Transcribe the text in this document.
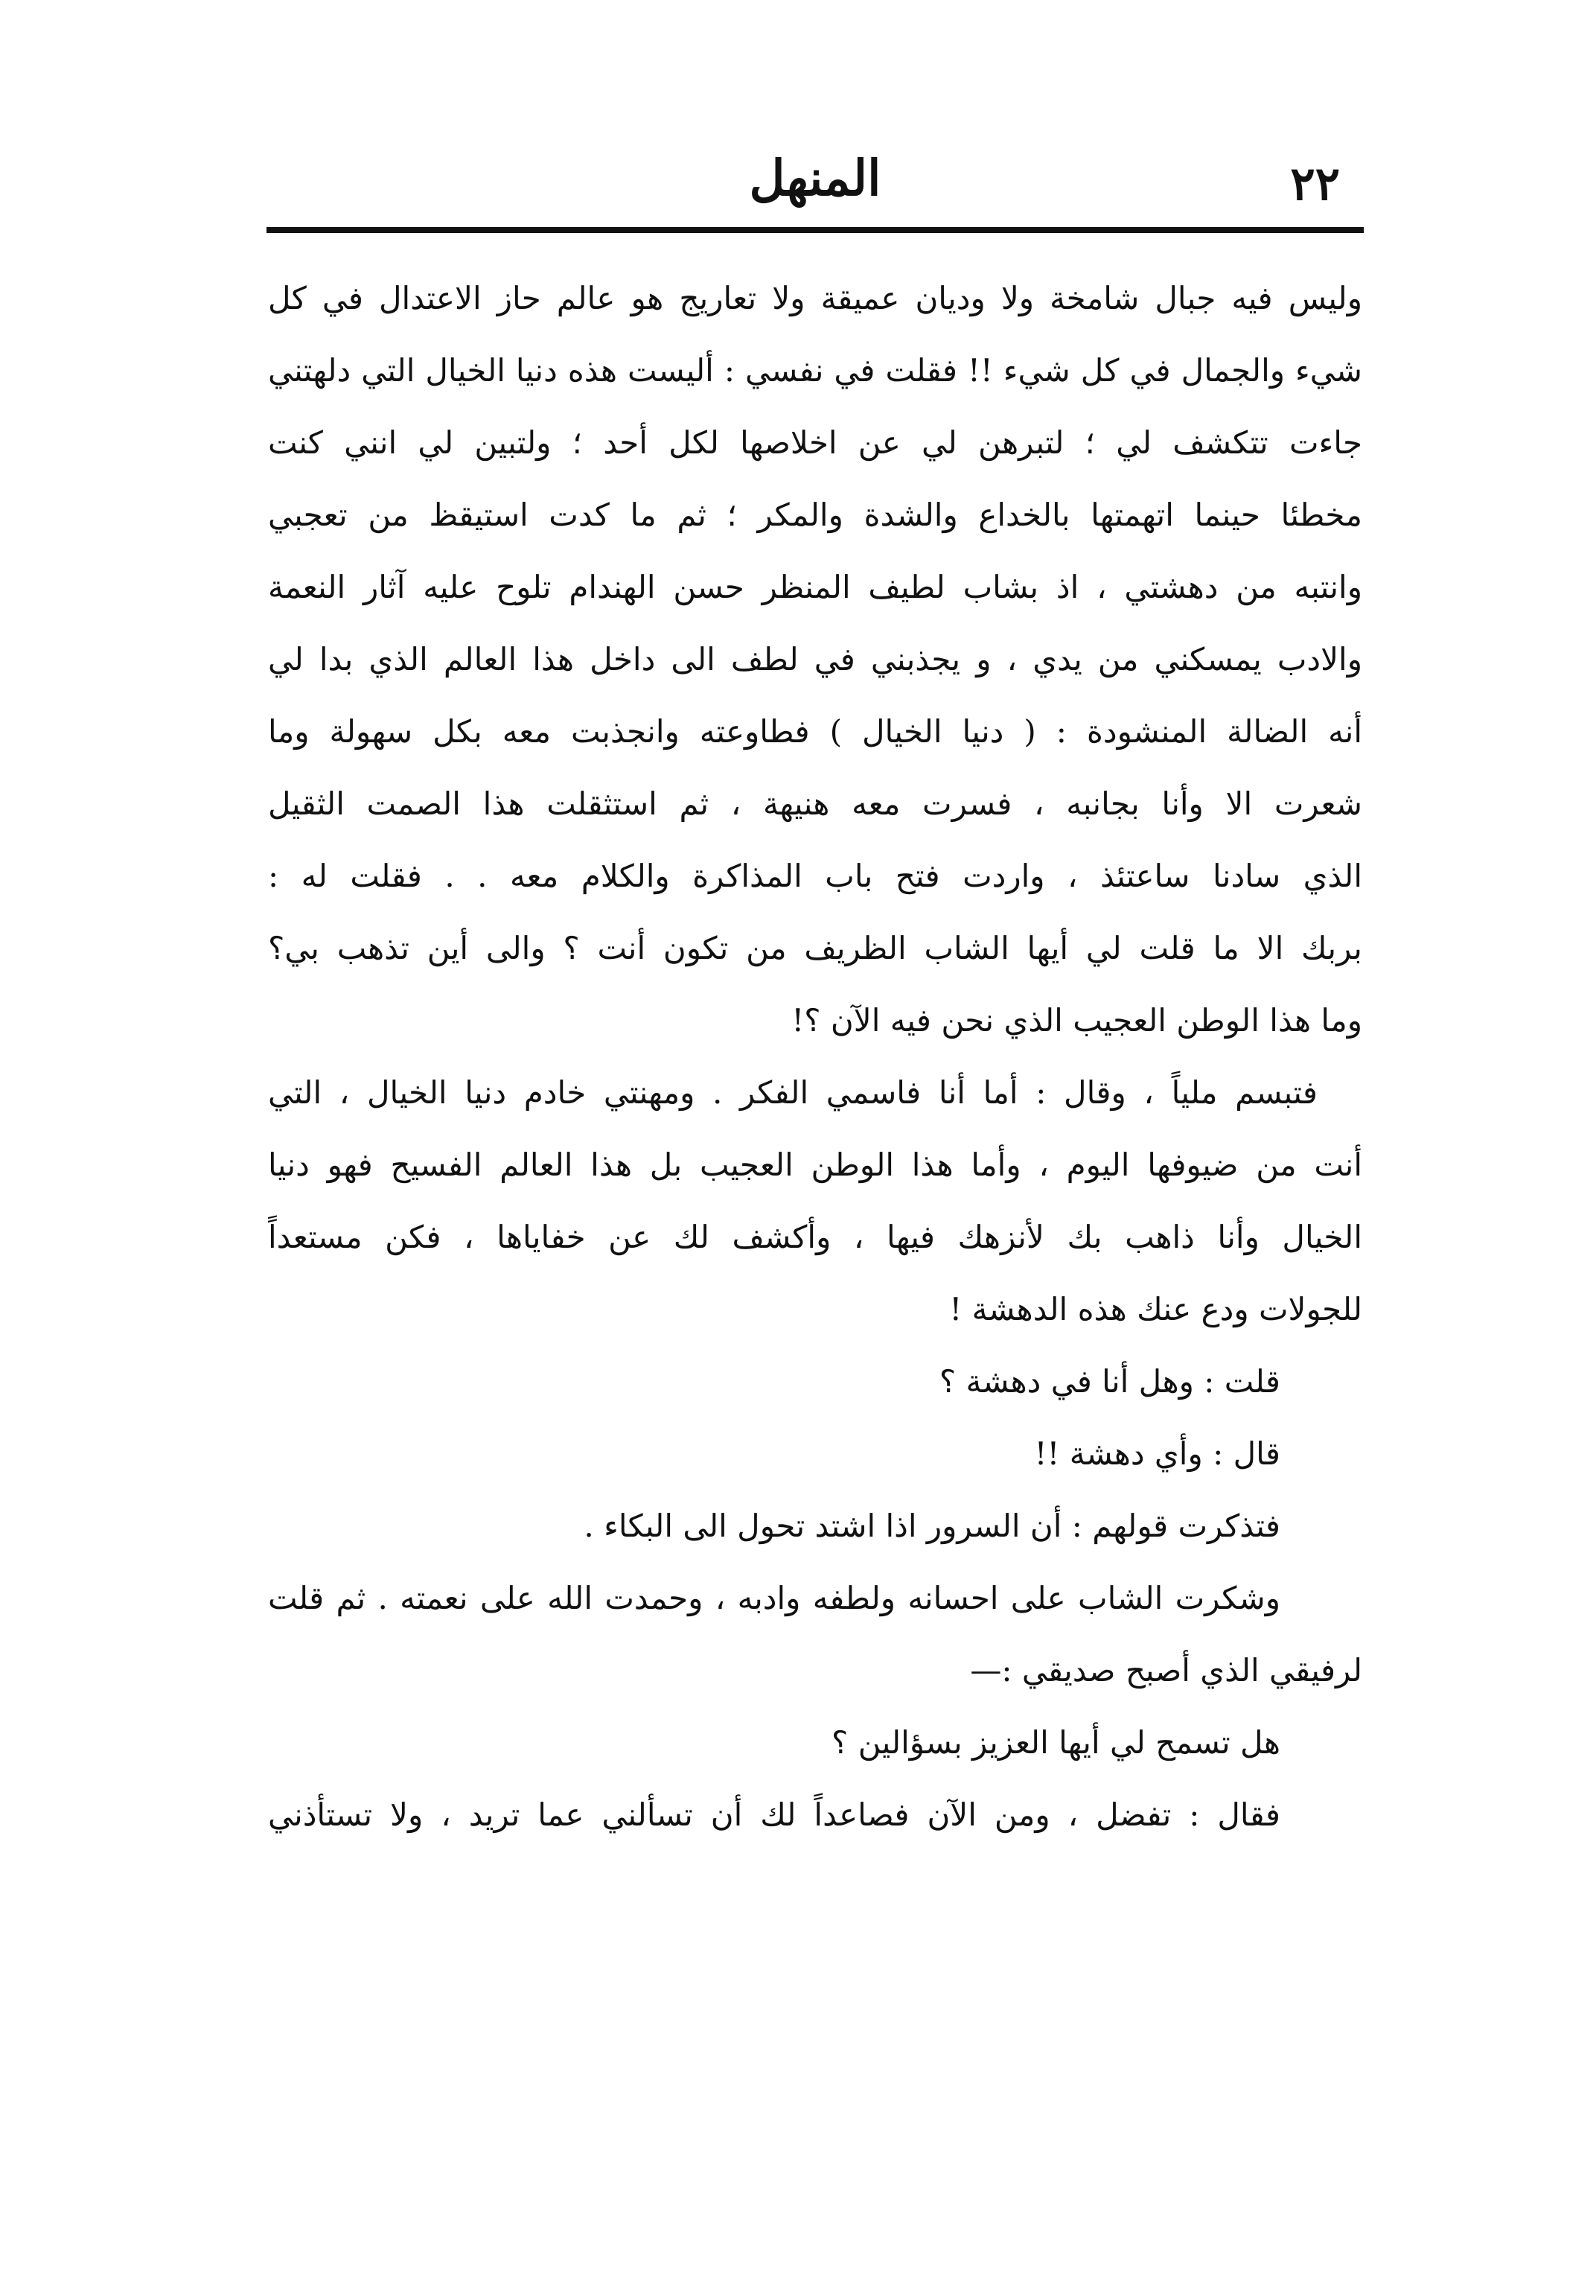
٢٢
المنهل
وليس فيه جبال شامخة ولا وديان عميقة ولا تعاريج هو عالم حاز الاعتدال في كل
شيء والجمال في كل شيء !! فقلت في نفسي : أليست هذه دنيا الخيال التي دلهتني
جاءت تتكشف لي ؛ لتبرهن لي عن اخلاصها لكل أحد ؛ ولتبين لي انني كنت
مخطئا حينما اتهمتها بالخداع والشدة والمكر ؛ ثم ما كدت استيقظ من تعجبي
وانتبه من دهشتي ، اذ بشاب لطيف المنظر حسن الهندام تلوح عليه آثار النعمة
والادب يمسكني من يدي ، و يجذبني في لطف الى داخل هذا العالم الذي بدا لي
أنه الضالة المنشودة : ( دنيا الخيال ) فطاوعته وانجذبت معه بكل سهولة وما
شعرت الا وأنا بجانبه ، فسرت معه هنيهة ، ثم استثقلت هذا الصمت الثقيل
الذي سادنا ساعتئذ ، واردت فتح باب المذاكرة والكلام معه . . فقلت له :
بربك الا ما قلت لي أيها الشاب الظريف من تكون أنت ؟ والى أين تذهب بي؟
وما هذا الوطن العجيب الذي نحن فيه الآن ؟!
فتبسم ملياً ، وقال : أما أنا فاسمي الفكر . ومهنتي خادم دنيا الخيال ، التي
أنت من ضيوفها اليوم ، وأما هذا الوطن العجيب بل هذا العالم الفسيح فهو دنيا
الخيال وأنا ذاهب بك لأنزهك فيها ، وأكشف لك عن خفاياها ، فكن مستعداً
للجولات ودع عنك هذه الدهشة !
قلت : وهل أنا في دهشة ؟
قال : وأي دهشة !!
فتذكرت قولهم : أن السرور اذا اشتد تحول الى البكاء .
وشكرت الشاب على احسانه ولطفه وادبه ، وحمدت الله على نعمته . ثم قلت
لرفيقي الذي أصبح صديقي :—
هل تسمح لي أيها العزيز بسؤالين ؟
فقال : تفضل ، ومن الآن فصاعداً لك أن تسألني عما تريد ، ولا تستأذني
